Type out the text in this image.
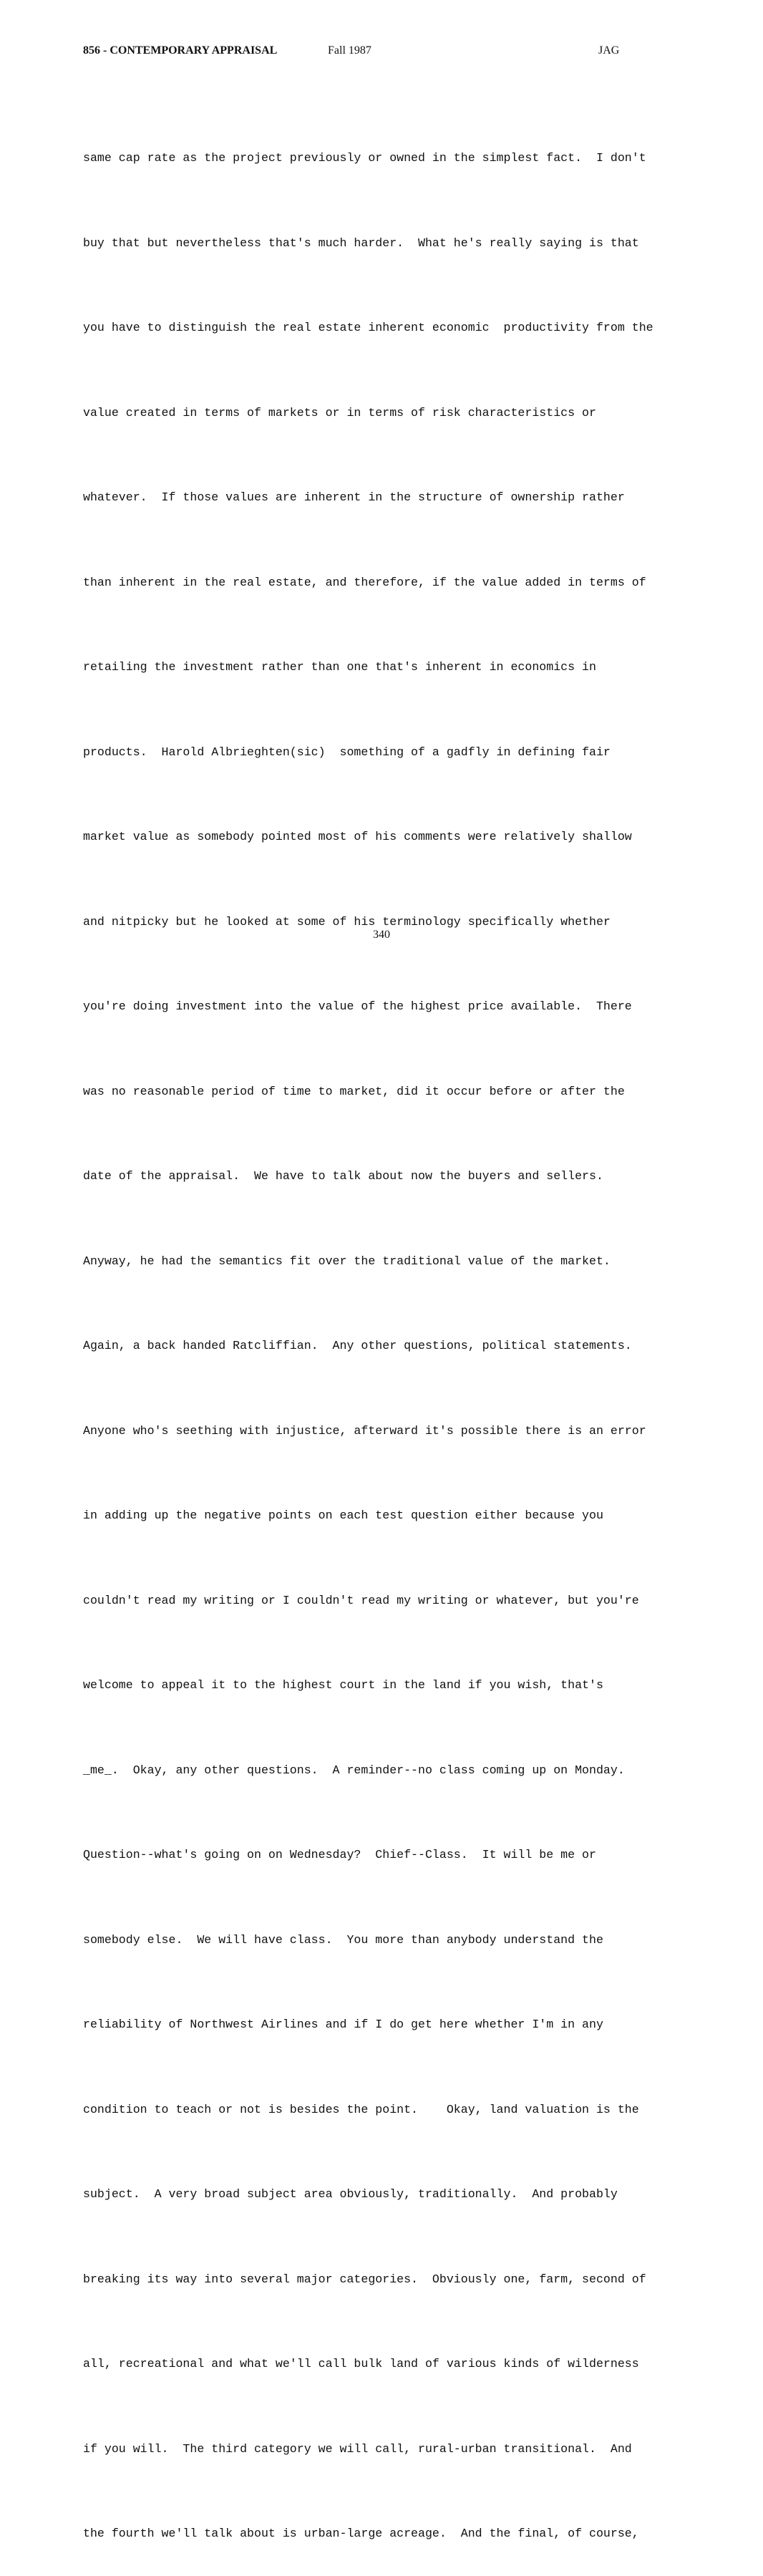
856 - CONTEMPORARY APPRAISAL	Fall 1987	JAG

same cap rate as the project previously or owned in the simplest fact.  I don't

buy that but nevertheless that's much harder.  What he's really saying is that

you have to distinguish the real estate inherent economic  productivity from the

value created in terms of markets or in terms of risk characteristics or

whatever.  If those values are inherent in the structure of ownership rather

than inherent in the real estate, and therefore, if the value added in terms of

retailing the investment rather than one that's inherent in economics in

products.  Harold Albrieghten(sic)  something of a gadfly in defining fair

market value as somebody pointed most of his comments were relatively shallow

and nitpicky but he looked at some of his terminology specifically whether

you're doing investment into the value of the highest price available.  There

was no reasonable period of time to market, did it occur before or after the

date of the appraisal.  We have to talk about now the buyers and sellers.

Anyway, he had the semantics fit over the traditional value of the market.

Again, a back handed Ratcliffian.  Any other questions, political statements.

Anyone who's seething with injustice, afterward it's possible there is an error

in adding up the negative points on each test question either because you

couldn't read my writing or I couldn't read my writing or whatever, but you're

welcome to appeal it to the highest court in the land if you wish, that's

_me_.  Okay, any other questions.  A reminder--no class coming up on Monday.

Question--what's going on on Wednesday?  Chief--Class.  It will be me or

somebody else.  We will have class.  You more than anybody understand the

reliability of Northwest Airlines and if I do get here whether I'm in any

condition to teach or not is besides the point.    Okay, land valuation is the

subject.  A very broad subject area obviously, traditionally.  And probably

breaking its way into several major categories.  Obviously one, farm, second of

all, recreational and what we'll call bulk land of various kinds of wilderness

if you will.  The third category we will call, rural-urban transitional.  And

the fourth we'll talk about is urban-large acreage.  And the final, of course,

340
